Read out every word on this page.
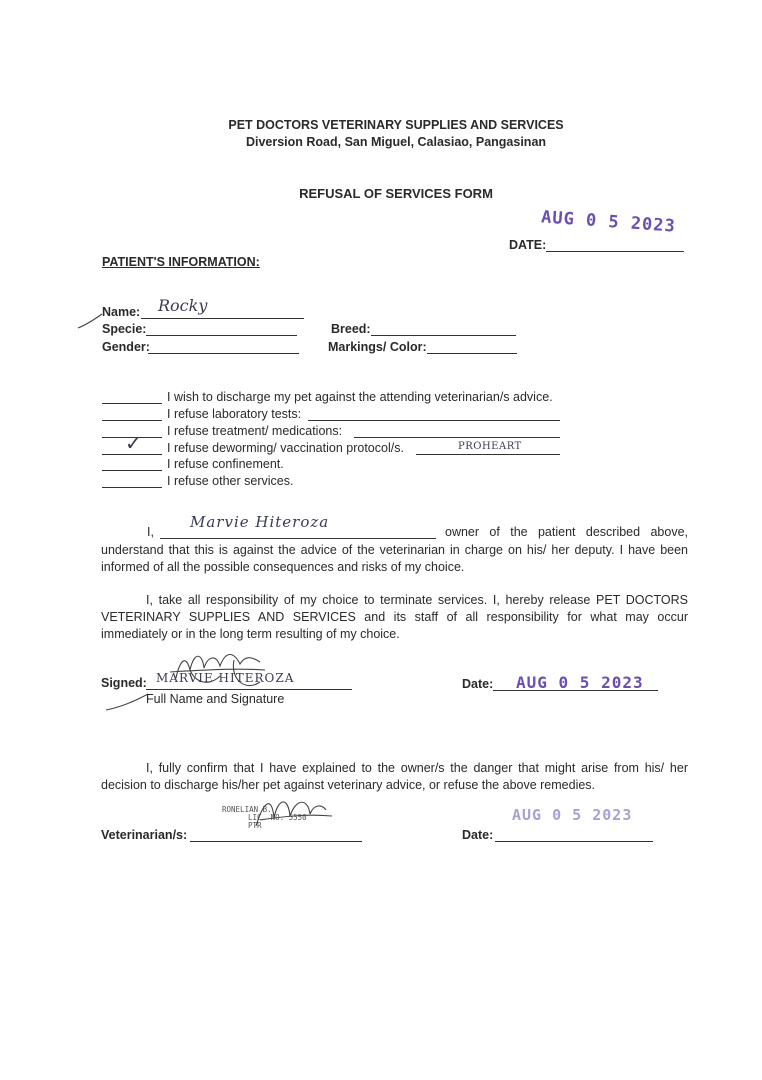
PET DOCTORS VETERINARY SUPPLIES AND SERVICES
Diversion Road, San Miguel, Calasiao, Pangasinan
REFUSAL OF SERVICES FORM
AUG 0 5 2023
DATE:
PATIENT'S INFORMATION:
Name: Rocky
Specie:	Breed:
Gender:	Markings/ Color:
I wish to discharge my pet against the attending veterinarian/s advice.
I refuse laboratory tests:
I refuse treatment/ medications:
✓ I refuse deworming/ vaccination protocol/s.	PROHEART
I refuse confinement.
I refuse other services.
I,
Marvie Hiteroza
owner of the patient described above,
understand that this is against the advice of the veterinarian in charge on his/ her deputy. I have been informed of all the possible consequences and risks of my choice.
I, take all responsibility of my choice to terminate services. I, hereby release PET DOCTORS VETERINARY SUPPLIES AND SERVICES and its staff of all responsibility for what may occur immediately or in the long term resulting of my choice.
Signed: MARVIE HITEROZA
Full Name and Signature
Date: AUG 0 5 2023
I, fully confirm that I have explained to the owner/s the danger that might arise from his/ her decision to discharge his/her pet against veterinary advice, or refuse the above remedies.
RONELIAN B.
LIC. NO. 5550
PTR
Veterinarian/s:	Date:
AUG 0 5 2023
